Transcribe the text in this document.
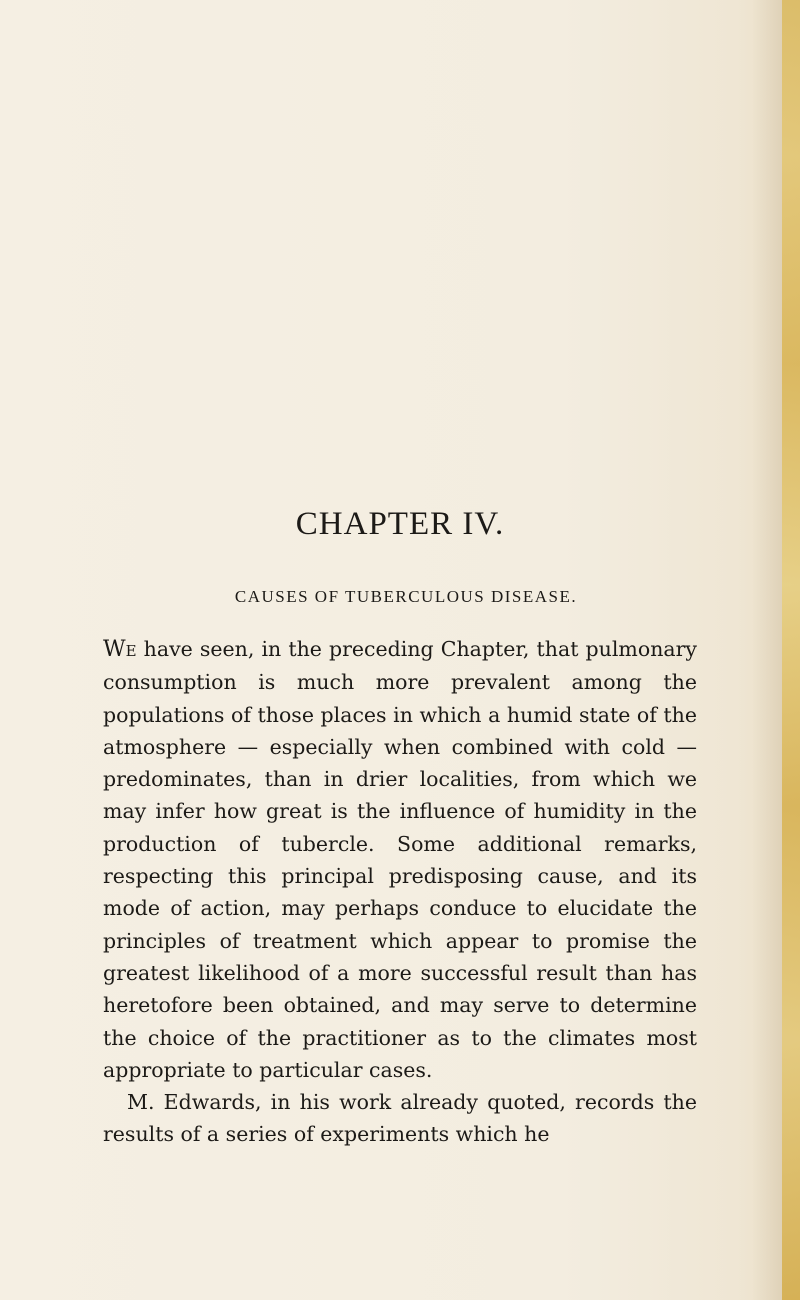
CHAPTER IV.
CAUSES OF TUBERCULOUS DISEASE.

We have seen, in the preceding Chapter, that pulmonary consumption is much more prevalent among the populations of those places in which a humid state of the atmosphere — especially when combined with cold — predominates, than in drier localities, from which we may infer how great is the influence of humidity in the production of tubercle. Some additional remarks, respecting this principal predisposing cause, and its mode of action, may perhaps conduce to elucidate the principles of treatment which appear to promise the greatest likelihood of a more successful result than has heretofore been obtained, and may serve to determine the choice of the practitioner as to the climates most appropriate to particular cases.

M. Edwards, in his work already quoted, records the results of a series of experiments which he
